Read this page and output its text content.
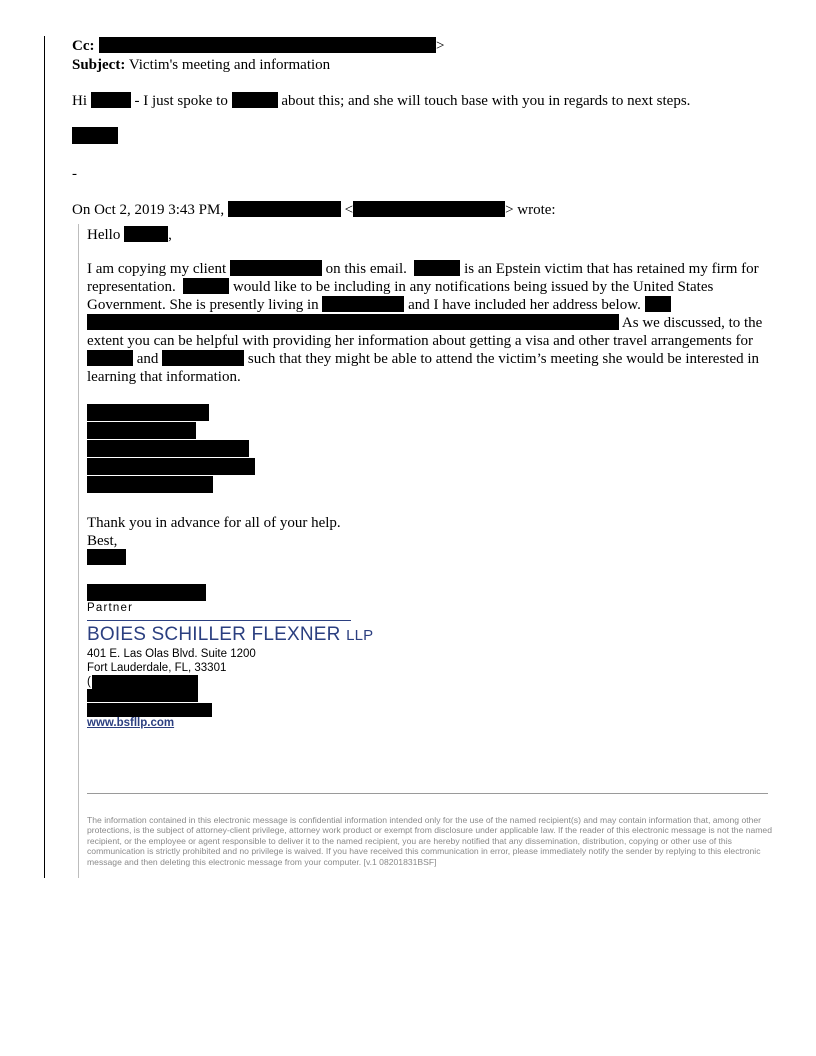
Cc:	>
Subject: Victim's meeting and information
Hi	- I just spoke to	about this; and she will touch base with you in regards to next steps.
-
On Oct 2, 2019 3:43 PM,	<	> wrote:
Hello	,

I am copying my client	on this email.	is an Epstein victim that has retained my firm for representation.	would like to be including in any notifications being issued by the United States Government. She is presently living in	and I have included her address below.   As we discussed, to the extent you can be helpful with providing her information about getting a visa and other travel arrangements for  and	such that they might be able to attend the victim’s meeting she would be interested in learning that information.

Thank you in advance for all of your help.
Best,
Partner
BOIES SCHILLER FLEXNER LLP
401 E. Las Olas Blvd. Suite 1200
Fort Lauderdale, FL, 33301
(
www.bsfllp.com
The information contained in this electronic message is confidential information intended only for the use of the named recipient(s) and may contain information that, among other protections, is the subject of attorney-client privilege, attorney work product or exempt from disclosure under applicable law. If the reader of this electronic message is not the named recipient, or the employee or agent responsible to deliver it to the named recipient, you are hereby notified that any dissemination, distribution, copying or other use of this communication is strictly prohibited and no privilege is waived. If you have received this communication in error, please immediately notify the sender by replying to this electronic message and then deleting this electronic message from your computer. [v.1 08201831BSF]
